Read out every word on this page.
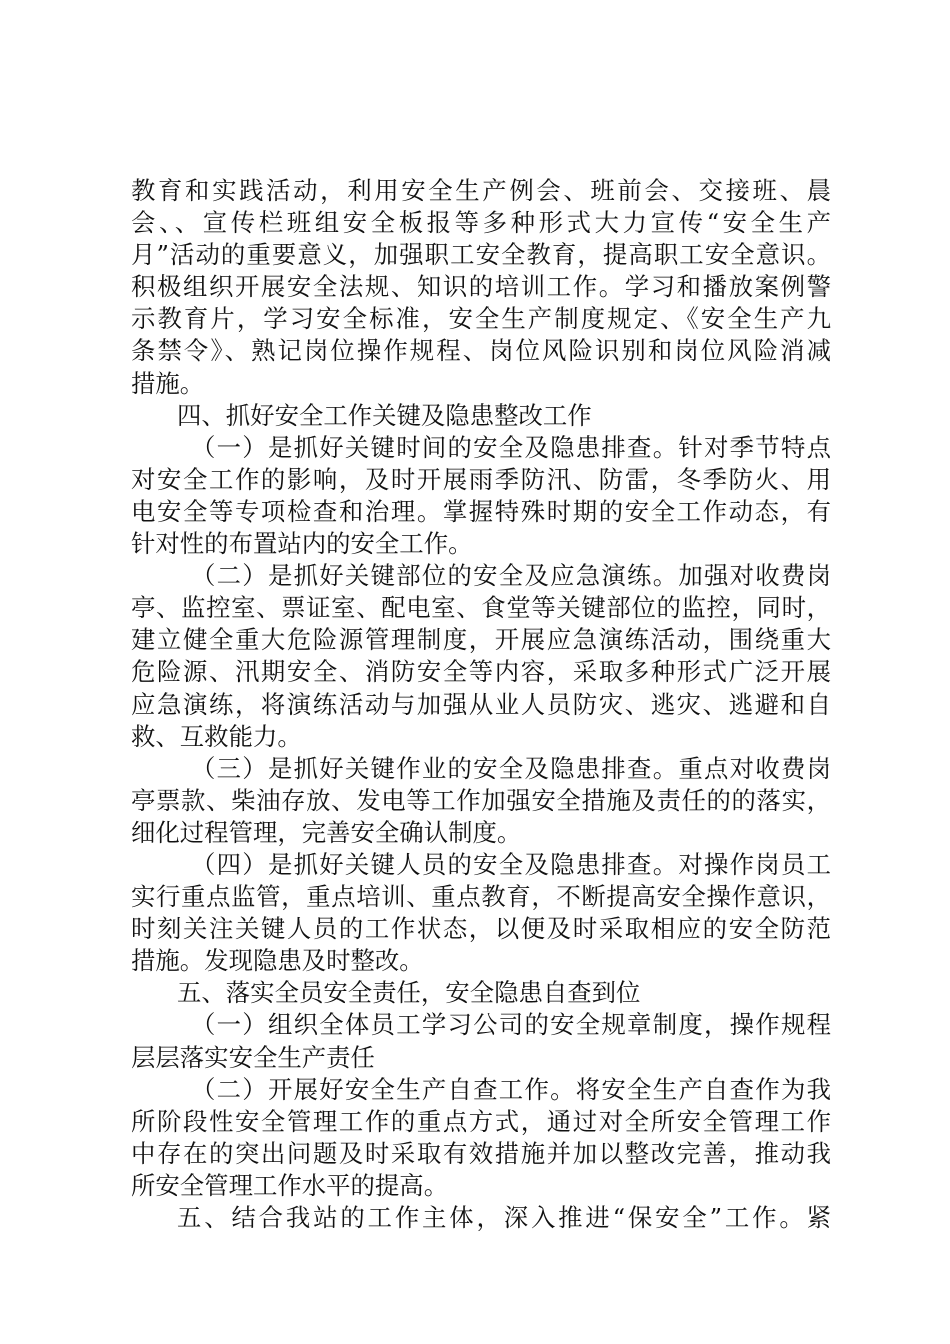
教育和实践活动，利用安全生产例会、班前会、交接班、晨
会、、宣传栏班组安全板报等多种形式大力宣传“安全生产
月”活动的重要意义，加强职工安全教育，提高职工安全意识。
积极组织开展安全法规、知识的培训工作。学习和播放案例警
示教育片，学习安全标准，安全生产制度规定、《安全生产九
条禁令》、熟记岗位操作规程、岗位风险识别和岗位风险消减
措施。
四、抓好安全工作关键及隐患整改工作
（一）是抓好关键时间的安全及隐患排查。针对季节特点
对安全工作的影响，及时开展雨季防汛、防雷，冬季防火、用
电安全等专项检查和治理。掌握特殊时期的安全工作动态，有
针对性的布置站内的安全工作。
（二）是抓好关键部位的安全及应急演练。加强对收费岗
亭、监控室、票证室、配电室、食堂等关键部位的监控，同时，
建立健全重大危险源管理制度，开展应急演练活动，围绕重大
危险源、汛期安全、消防安全等内容，采取多种形式广泛开展
应急演练，将演练活动与加强从业人员防灾、逃灾、逃避和自
救、互救能力。
（三）是抓好关键作业的安全及隐患排查。重点对收费岗
亭票款、柴油存放、发电等工作加强安全措施及责任的的落实，
细化过程管理，完善安全确认制度。
（四）是抓好关键人员的安全及隐患排查。对操作岗员工
实行重点监管，重点培训、重点教育，不断提高安全操作意识，
时刻关注关键人员的工作状态，以便及时采取相应的安全防范
措施。发现隐患及时整改。
五、落实全员安全责任，安全隐患自查到位
（一）组织全体员工学习公司的安全规章制度，操作规程
层层落实安全生产责任
（二）开展好安全生产自查工作。将安全生产自查作为我
所阶段性安全管理工作的重点方式，通过对全所安全管理工作
中存在的突出问题及时采取有效措施并加以整改完善，推动我
所安全管理工作水平的提高。
五、结合我站的工作主体，深入推进“保安全”工作。紧
